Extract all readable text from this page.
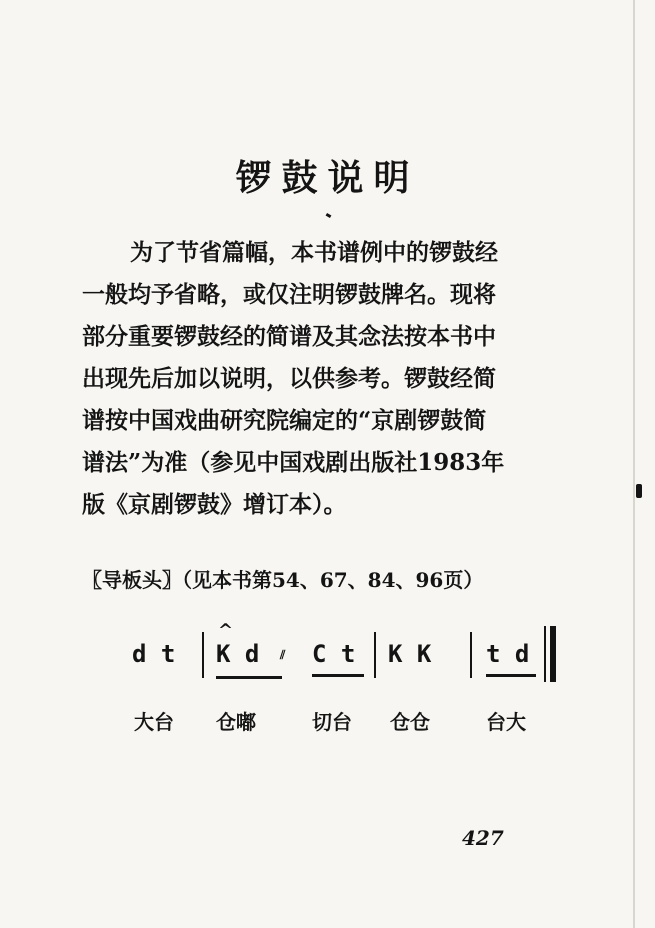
锣鼓说明
为了节省篇幅，本书谱例中的锣鼓经
一般均予省略，或仅注明锣鼓牌名。现将
部分重要锣鼓经的简谱及其念法按本书中
出现先后加以说明，以供参考。锣鼓经简
谱按中国戏曲研究院编定的“京剧锣鼓简
谱法”为准（参见中国戏剧出版社1983年
版《京剧锣鼓》增订本）。
〖导板头〗（见本书第54、67、84、96页）
d t
^
K d ⫽ C t K K t d
大台 仓嘟	切台 仓仓	台大
427
